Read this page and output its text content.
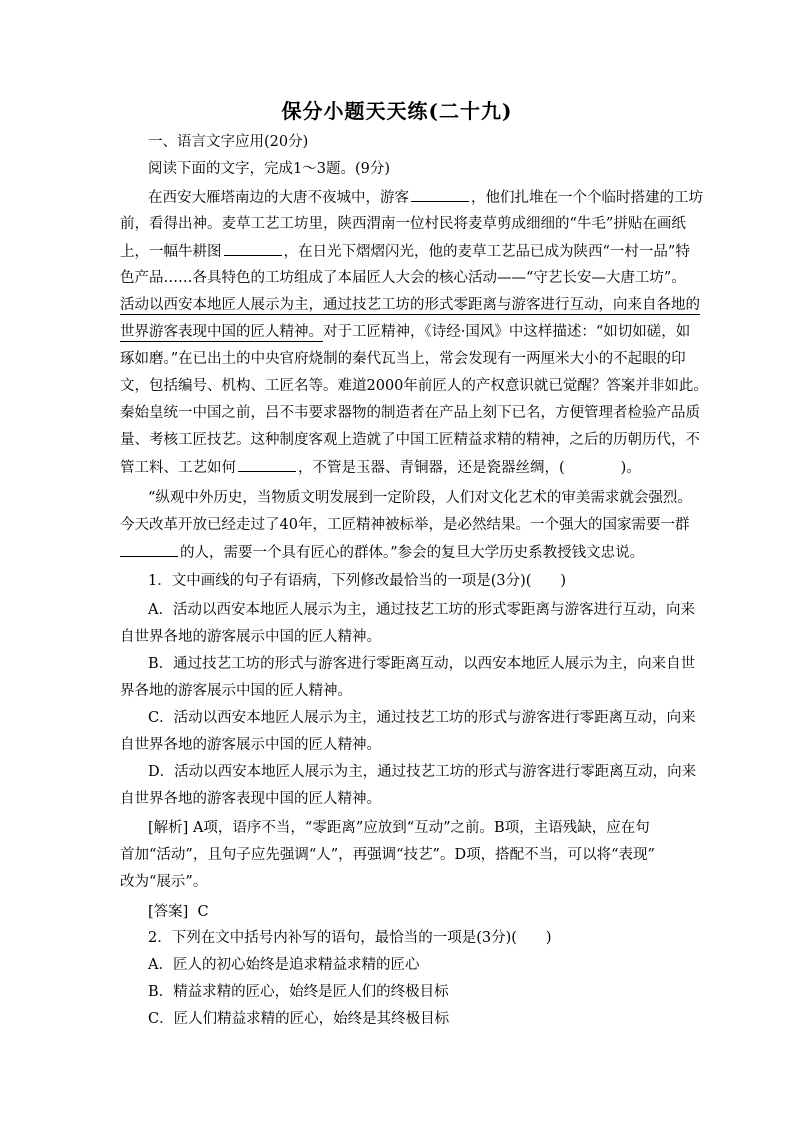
保分小题天天练(二十九)
一、语言文字应用(20分)
阅读下面的文字，完成1～3题。(9分)
在西安大雁塔南边的大唐不夜城中，游客	，他们扎堆在一个个临时搭建的工坊
前，看得出神。麦草工艺工坊里，陕西渭南一位村民将麦草剪成细细的“牛毛”拼贴在画纸
上，一幅牛耕图	，在日光下熠熠闪光，他的麦草工艺品已成为陕西“一村一品”特
色产品……各具特色的工坊组成了本届匠人大会的核心活动——“守艺长安—大唐工坊”。
活动以西安本地匠人展示为主，通过技艺工坊的形式零距离与游客进行互动，向来自各地的
世界游客表现中国的匠人精神。对于工匠精神，《诗经·国风》中这样描述：“如切如磋，如
琢如磨。”在已出土的中央官府烧制的秦代瓦当上，常会发现有一两厘米大小的不起眼的印
文，包括编号、机构、工匠名等。难道2000年前匠人的产权意识就已觉醒？答案并非如此。
秦始皇统一中国之前，吕不韦要求器物的制造者在产品上刻下已名，方便管理者检验产品质
量、考核工匠技艺。这种制度客观上造就了中国工匠精益求精的精神，之后的历朝历代，不
管工料、工艺如何	，不管是玉器、青铜器，还是瓷器丝绸，(	)。
“纵观中外历史，当物质文明发展到一定阶段，人们对文化艺术的审美需求就会强烈。
今天改革开放已经走过了40年，工匠精神被标举，是必然结果。一个强大的国家需要一群
的人，需要一个具有匠心的群体。”参会的复旦大学历史系教授钱文忠说。
1．文中画线的句子有语病，下列修改最恰当的一项是(3分)(　　)
A．活动以西安本地匠人展示为主，通过技艺工坊的形式零距离与游客进行互动，向来
自世界各地的游客展示中国的匠人精神。
B．通过技艺工坊的形式与游客进行零距离互动，以西安本地匠人展示为主，向来自世
界各地的游客展示中国的匠人精神。
C．活动以西安本地匠人展示为主，通过技艺工坊的形式与游客进行零距离互动，向来
自世界各地的游客展示中国的匠人精神。
D．活动以西安本地匠人展示为主，通过技艺工坊的形式与游客进行零距离互动，向来
自世界各地的游客表现中国的匠人精神。
[解析] A项，语序不当，“零距离”应放到“互动”之前。B项，主语残缺，应在句
首加“活动”，且句子应先强调“人”，再强调“技艺”。D项，搭配不当，可以将“表现”
改为“展示”。
[答案] C
2．下列在文中括号内补写的语句，最恰当的一项是(3分)(　　)
A．匠人的初心始终是追求精益求精的匠心
B．精益求精的匠心，始终是匠人们的终极目标
C．匠人们精益求精的匠心，始终是其终极目标
